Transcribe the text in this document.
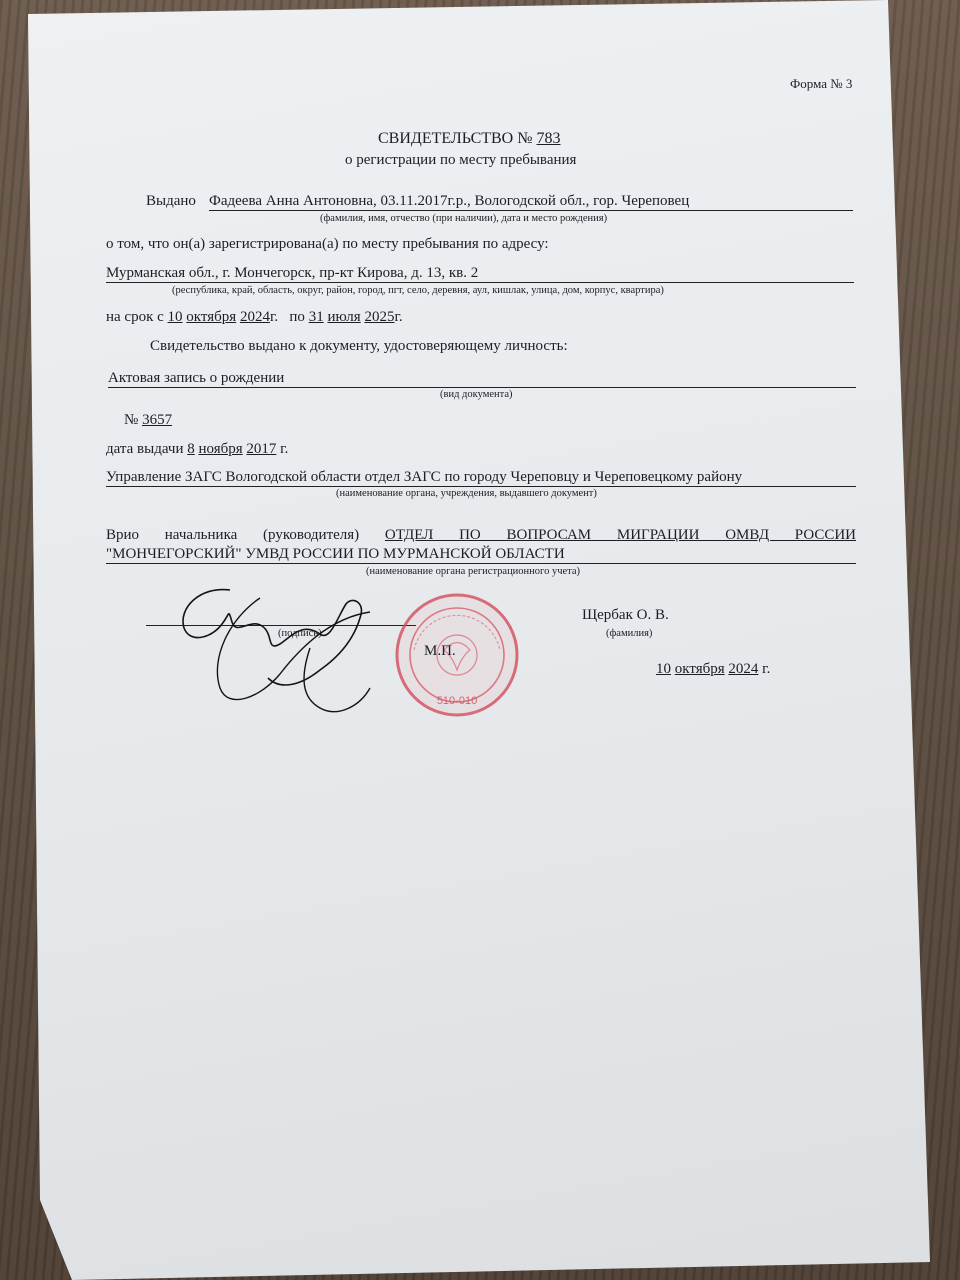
Форма № 3
СВИДЕТЕЛЬСТВО № 783
о регистрации по месту пребывания
Выдано Фадеева Анна Антоновна, 03.11.2017г.р., Вологодской обл., гор. Череповец
(фамилия, имя, отчество (при наличии), дата и место рождения)
о том, что он(а) зарегистрирована(а) по месту пребывания по адресу:
Мурманская обл., г. Мончегорск, пр-кт Кирова, д. 13, кв. 2
(республика, край, область, округ, район, город, пгт, село, деревня, аул, кишлак, улица, дом, корпус, квартира)
на срок с 10 октября 2024г. по 31 июля 2025г.
Свидетельство выдано к документу, удостоверяющему личность:
Актовая запись о рождении
(вид документа)
№ 3657
дата выдачи 8 ноября 2017 г.
Управление ЗАГС Вологодской области отдел ЗАГС по городу Череповцу и Череповецкому району
(наименование органа, учреждения, выдавшего документ)
Врио начальника (руководителя) ОТДЕЛ ПО ВОПРОСАМ МИГРАЦИИ ОМВД РОССИИ
"МОНЧЕГОРСКИЙ" УМВД РОССИИ ПО МУРМАНСКОЙ ОБЛАСТИ
(наименование органа регистрационного учета)
(подпись)
510-010
М.П.
Щербак О. В.
(фамилия)
10 октября 2024 г.
